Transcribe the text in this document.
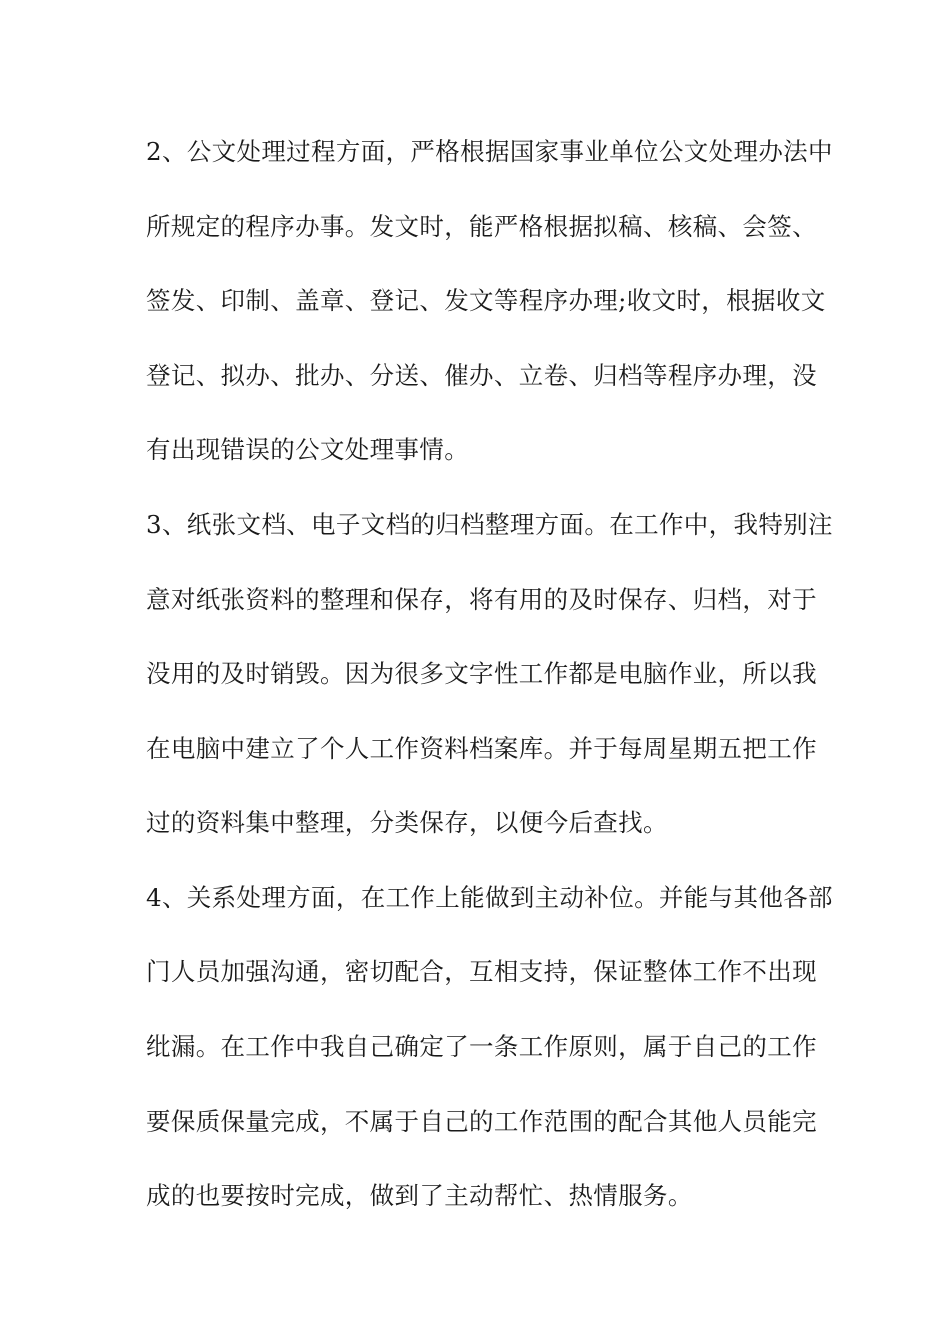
2、公文处理过程方面，严格根据国家事业单位公文处理办法中
所规定的程序办事。发文时，能严格根据拟稿、核稿、会签、
签发、印制、盖章、登记、发文等程序办理;收文时，根据收文
登记、拟办、批办、分送、催办、立卷、归档等程序办理，没
有出现错误的公文处理事情。
3、纸张文档、电子文档的归档整理方面。在工作中，我特别注
意对纸张资料的整理和保存，将有用的及时保存、归档，对于
没用的及时销毁。因为很多文字性工作都是电脑作业，所以我
在电脑中建立了个人工作资料档案库。并于每周星期五把工作
过的资料集中整理，分类保存，以便今后查找。
4、关系处理方面，在工作上能做到主动补位。并能与其他各部
门人员加强沟通，密切配合，互相支持，保证整体工作不出现
纰漏。在工作中我自己确定了一条工作原则，属于自己的工作
要保质保量完成，不属于自己的工作范围的配合其他人员能完
成的也要按时完成，做到了主动帮忙、热情服务。
